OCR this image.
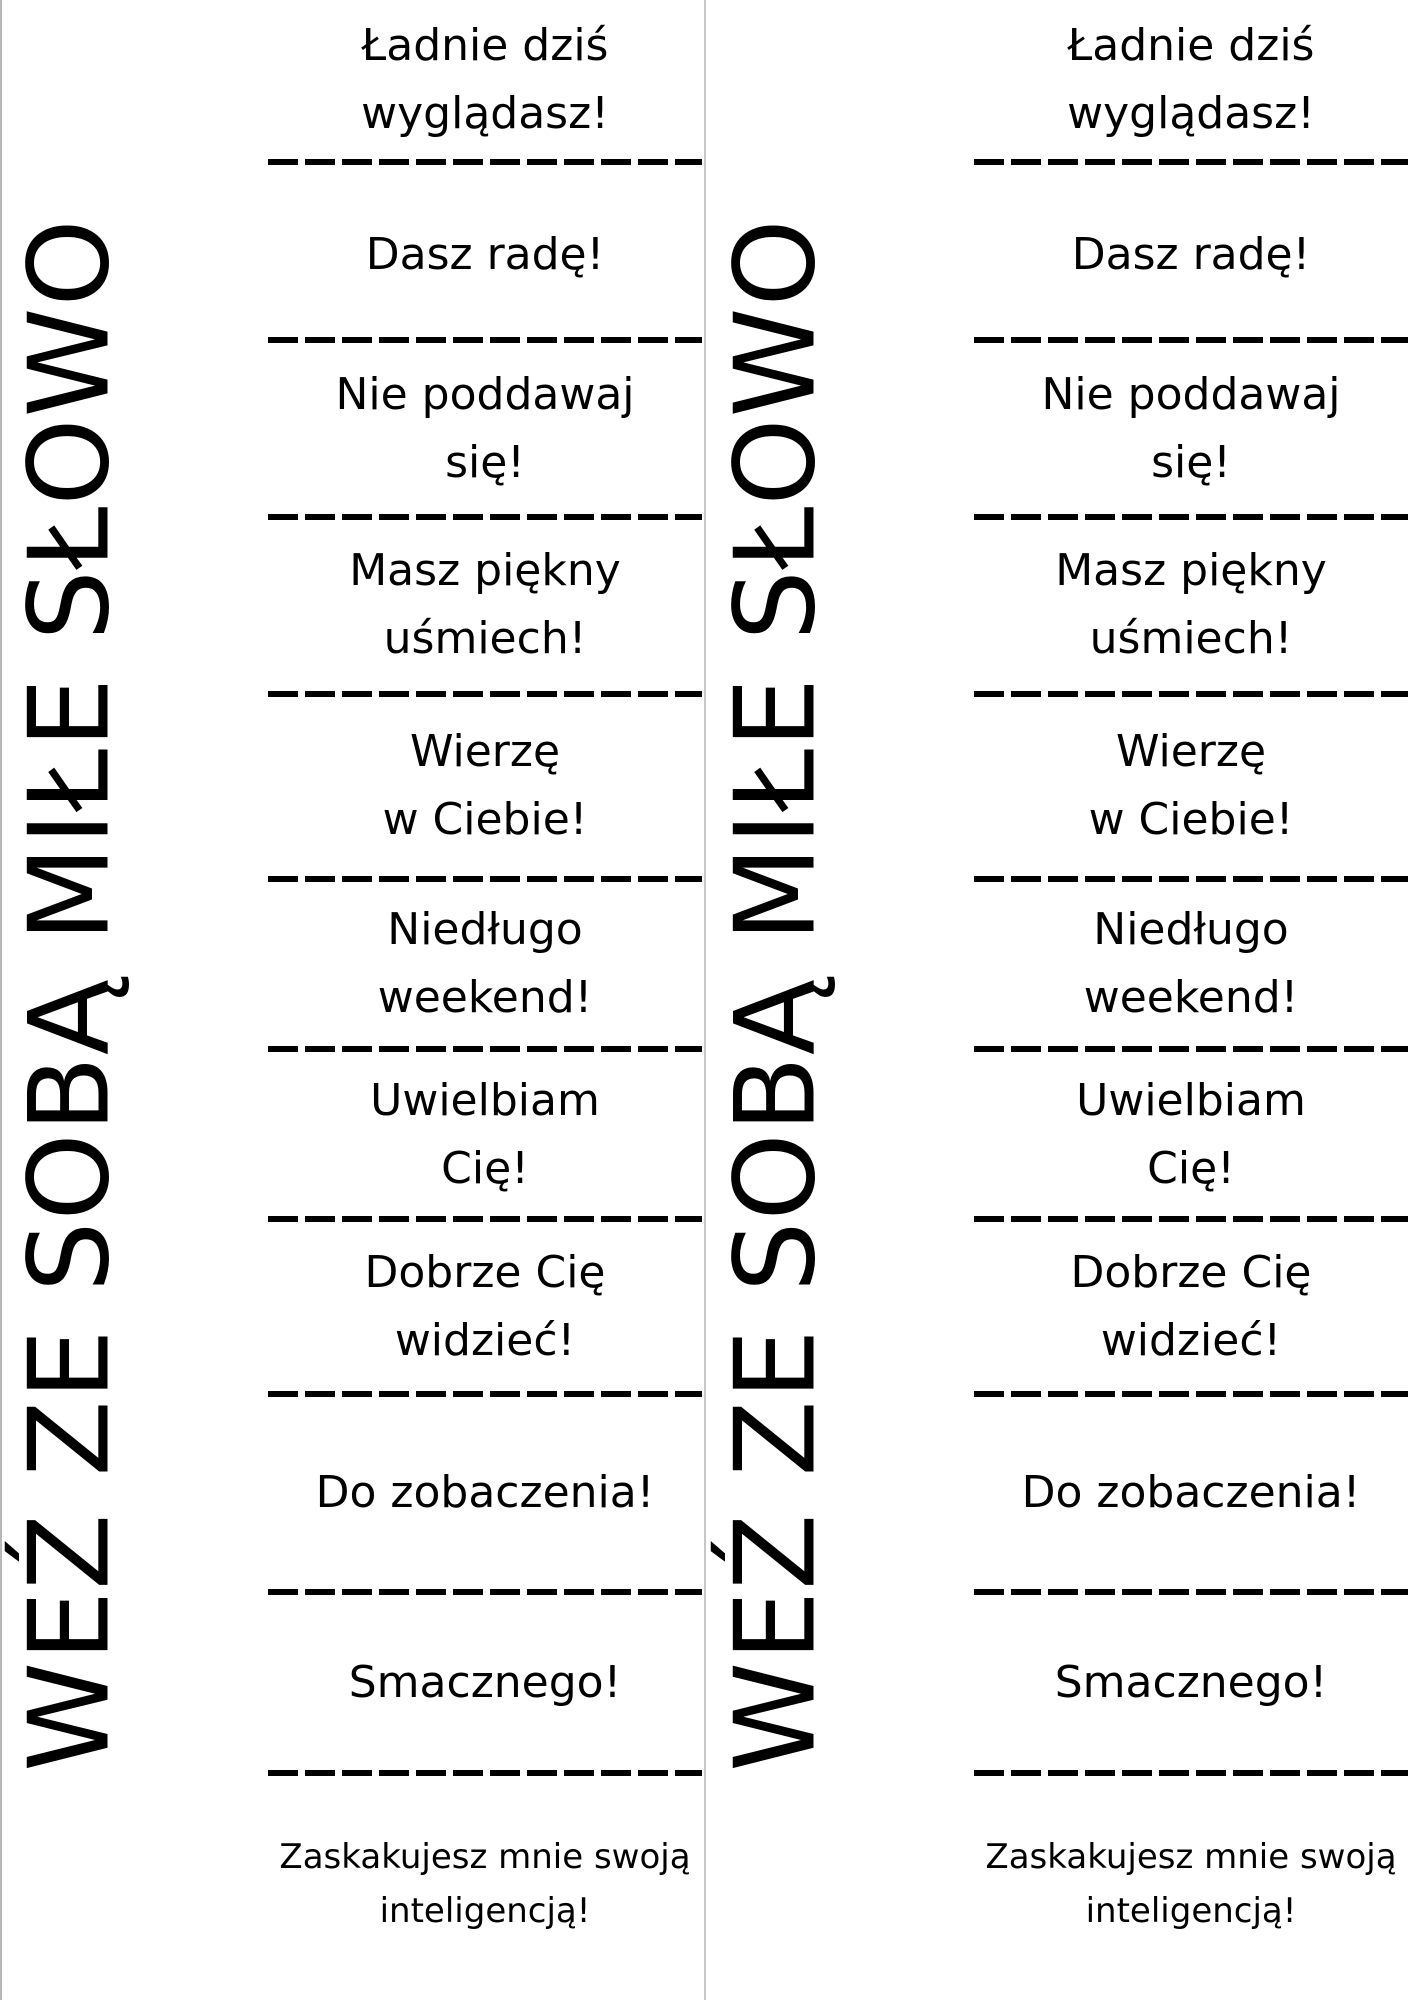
WEŹ ZE SOBĄ MIŁE SŁOWO
Ładnie dziś
wyglądasz!
Dasz radę!
Nie poddawaj
się!
Masz piękny
uśmiech!
Wierzę
w Ciebie!
Niedługo
weekend!
Uwielbiam
Cię!
Dobrze Cię
widzieć!
Do zobaczenia!
Smacznego!
Zaskakujesz mnie swoją
inteligencją!
WEŹ ZE SOBĄ MIŁE SŁOWO
Ładnie dziś
wyglądasz!
Dasz radę!
Nie poddawaj
się!
Masz piękny
uśmiech!
Wierzę
w Ciebie!
Niedługo
weekend!
Uwielbiam
Cię!
Dobrze Cię
widzieć!
Do zobaczenia!
Smacznego!
Zaskakujesz mnie swoją
inteligencją!
